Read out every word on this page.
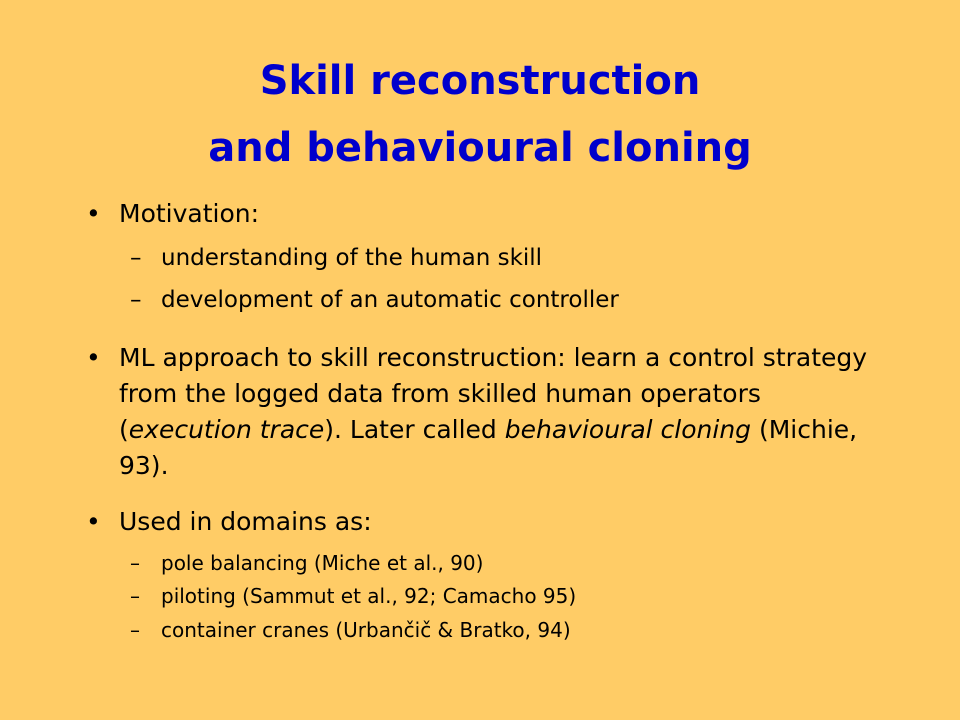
Skill reconstruction
and behavioural cloning
• Motivation:
– understanding of the human skill
– development of an automatic controller
• ML approach to skill reconstruction: learn a control strategy from the logged data from skilled human operators (execution trace). Later called behavioural cloning (Michie, 93).
• Used in domains as:
– pole balancing (Miche et al., 90)
– piloting (Sammut et al., 92; Camacho 95)
– container cranes (Urbančič & Bratko, 94)
